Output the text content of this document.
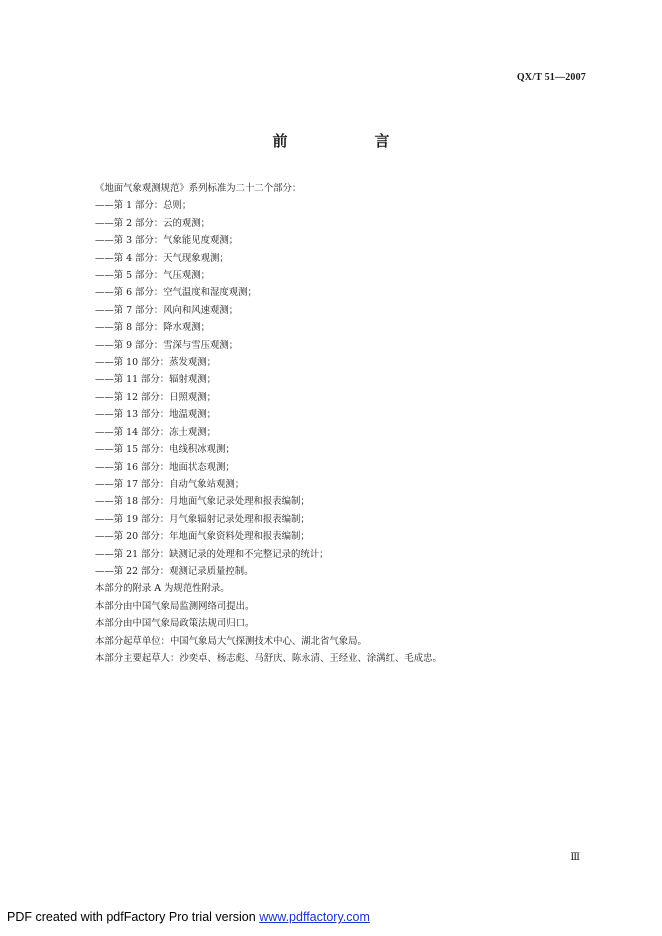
QX/T 51—2007
前　言
《地面气象观测规范》系列标准为二十二个部分：
——第 1 部分：总则；
——第 2 部分：云的观测；
——第 3 部分：气象能见度观测；
——第 4 部分：天气现象观测；
——第 5 部分：气压观测；
——第 6 部分：空气温度和湿度观测；
——第 7 部分：风向和风速观测；
——第 8 部分：降水观测；
——第 9 部分：雪深与雪压观测；
——第 10 部分：蒸发观测；
——第 11 部分：辐射观测；
——第 12 部分：日照观测；
——第 13 部分：地温观测；
——第 14 部分：冻土观测；
——第 15 部分：电线积冰观测；
——第 16 部分：地面状态观测；
——第 17 部分：自动气象站观测；
——第 18 部分：月地面气象记录处理和报表编制；
——第 19 部分：月气象辐射记录处理和报表编制；
——第 20 部分：年地面气象资料处理和报表编制；
——第 21 部分：缺测记录的处理和不完整记录的统计；
——第 22 部分：观测记录质量控制。
本部分的附录 A 为规范性附录。
本部分由中国气象局监测网络司提出。
本部分由中国气象局政策法规司归口。
本部分起草单位：中国气象局大气探测技术中心、湖北省气象局。
本部分主要起草人：沙奕卓、杨志彪、马舒庆、陈永清、王经业、涂满红、毛成忠。
Ⅲ
PDF created with pdfFactory Pro trial version www.pdffactory.com
